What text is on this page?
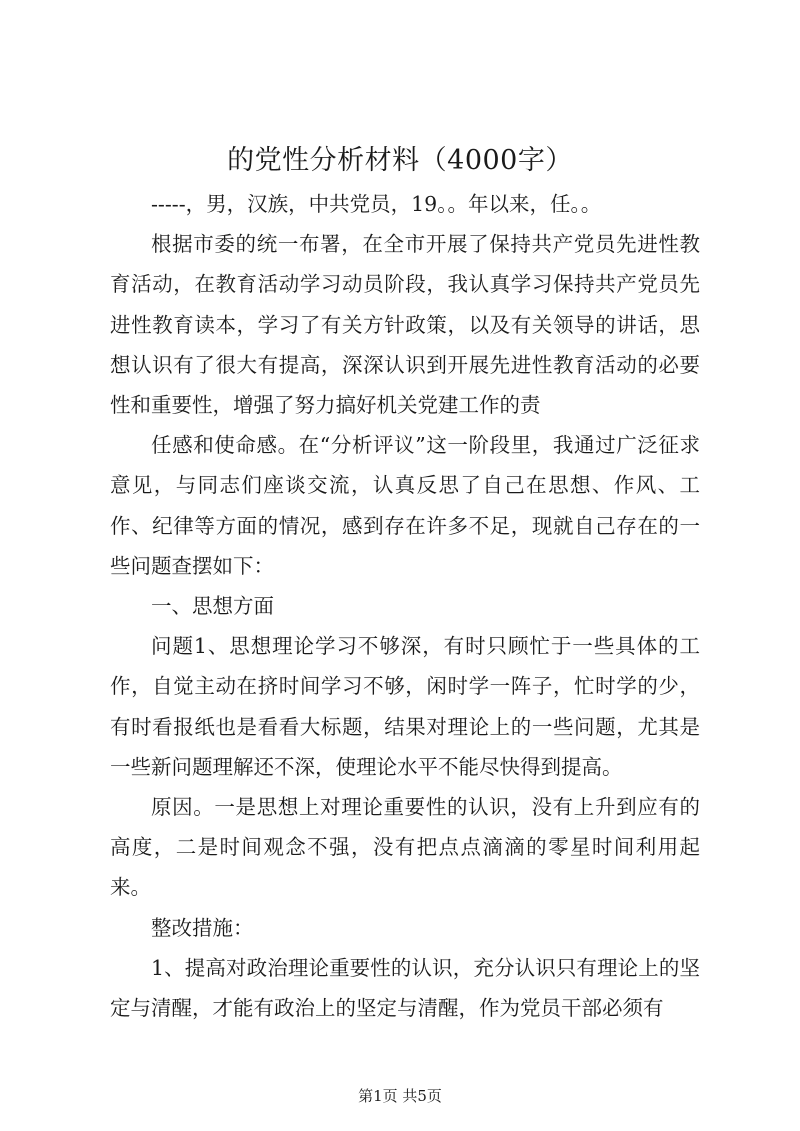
的党性分析材料（4000字）

-----，男，汉族，中共党员，19。。年以来，任。。

根据市委的统一布署，在全市开展了保持共产党员先进性教育活动，在教育活动学习动员阶段，我认真学习保持共产党员先进性教育读本，学习了有关方针政策，以及有关领导的讲话，思想认识有了很大有提高，深深认识到开展先进性教育活动的必要性和重要性，增强了努力搞好机关党建工作的责

任感和使命感。在“分析评议”这一阶段里，我通过广泛征求意见，与同志们座谈交流，认真反思了自己在思想、作风、工作、纪律等方面的情况，感到存在许多不足，现就自己存在的一些问题查摆如下：

一、思想方面

问题1、思想理论学习不够深，有时只顾忙于一些具体的工作，自觉主动在挤时间学习不够，闲时学一阵子，忙时学的少，有时看报纸也是看看大标题，结果对理论上的一些问题，尤其是一些新问题理解还不深，使理论水平不能尽快得到提高。

原因。一是思想上对理论重要性的认识，没有上升到应有的高度，二是时间观念不强，没有把点点滴滴的零星时间利用起来。

整改措施：

1、提高对政治理论重要性的认识，充分认识只有理论上的坚定与清醒，才能有政治上的坚定与清醒，作为党员干部必须有

第1页 共5页
